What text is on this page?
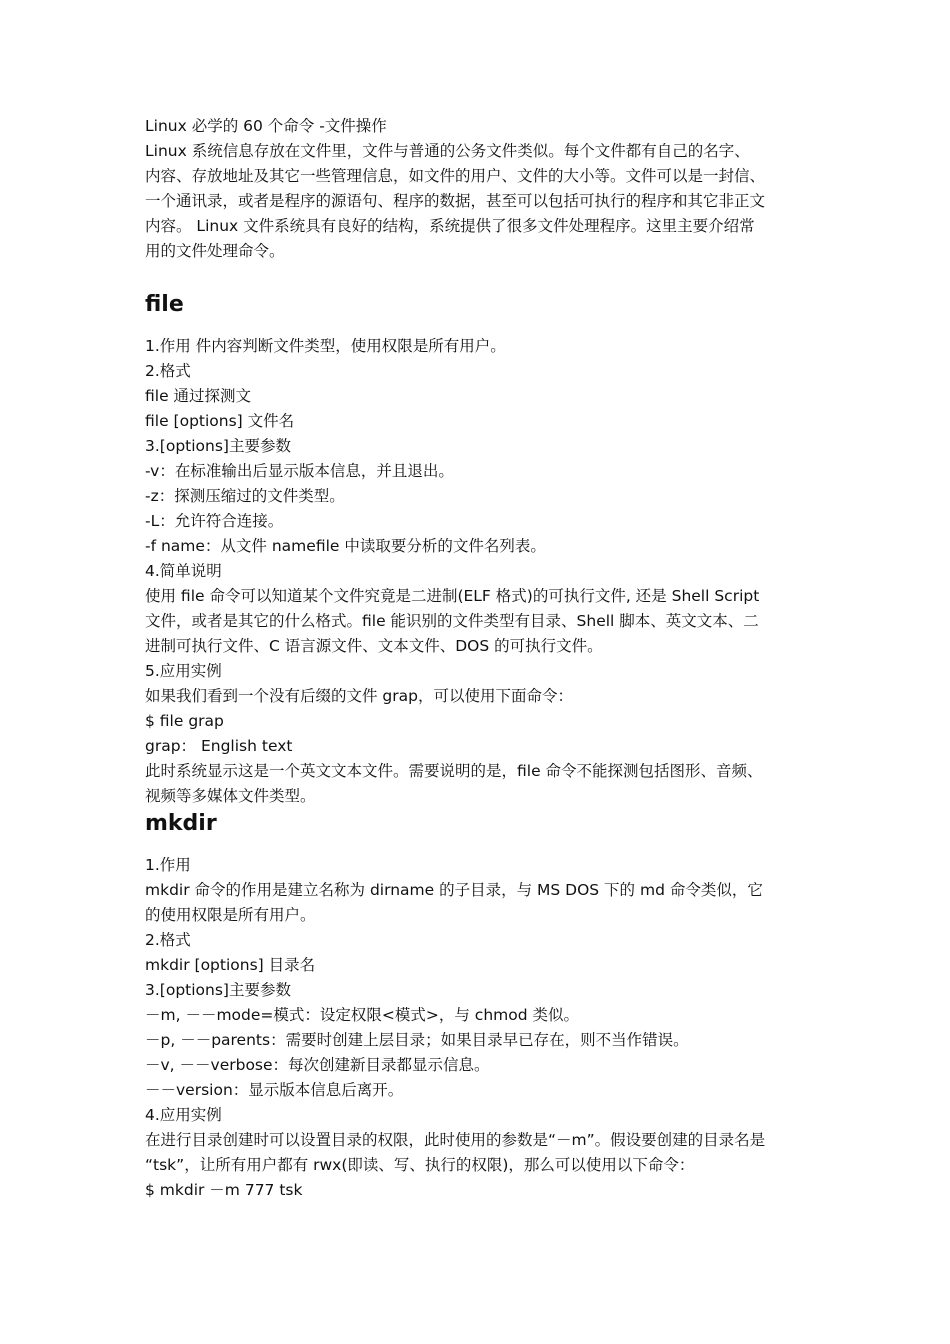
Linux 必学的 60 个命令 -文件操作

Linux 系统信息存放在文件里，文件与普通的公务文件类似。每个文件都有自己的名字、
内容、存放地址及其它一些管理信息，如文件的用户、文件的大小等。文件可以是一封信、
一个通讯录，或者是程序的源语句、程序的数据，甚至可以包括可执行的程序和其它非正文
内容。 Linux 文件系统具有良好的结构，系统提供了很多文件处理程序。这里主要介绍常
用的文件处理命令。
file

1.作用 件内容判断文件类型，使用权限是所有用户。

2.格式

file 通过探测文

file [options] 文件名

3.[options]主要参数

-v：在标准输出后显示版本信息，并且退出。

-z：探测压缩过的文件类型。

-L：允许符合连接。

-f name：从文件 namefile 中读取要分析的文件名列表。

4.简单说明

使用 file 命令可以知道某个文件究竟是二进制(ELF 格式)的可执行文件, 还是 Shell Script
文件，或者是其它的什么格式。file 能识别的文件类型有目录、Shell 脚本、英文文本、二
进制可执行文件、C 语言源文件、文本文件、DOS 的可执行文件。

5.应用实例

如果我们看到一个没有后缀的文件 grap，可以使用下面命令：

$ file grap

grap： English text

此时系统显示这是一个英文文本文件。需要说明的是，file 命令不能探测包括图形、音频、
视频等多媒体文件类型。
mkdir

1.作用

mkdir 命令的作用是建立名称为 dirname 的子目录，与 MS DOS 下的 md 命令类似，它
的使用权限是所有用户。

2.格式

mkdir [options] 目录名

3.[options]主要参数

－m, －－mode=模式：设定权限<模式>，与 chmod 类似。

－p, －－parents：需要时创建上层目录；如果目录早已存在，则不当作错误。

－v, －－verbose：每次创建新目录都显示信息。

－－version：显示版本信息后离开。

4.应用实例

在进行目录创建时可以设置目录的权限，此时使用的参数是“－m”。假设要创建的目录名是
“tsk”，让所有用户都有 rwx(即读、写、执行的权限)，那么可以使用以下命令：

$ mkdir －m 777 tsk
